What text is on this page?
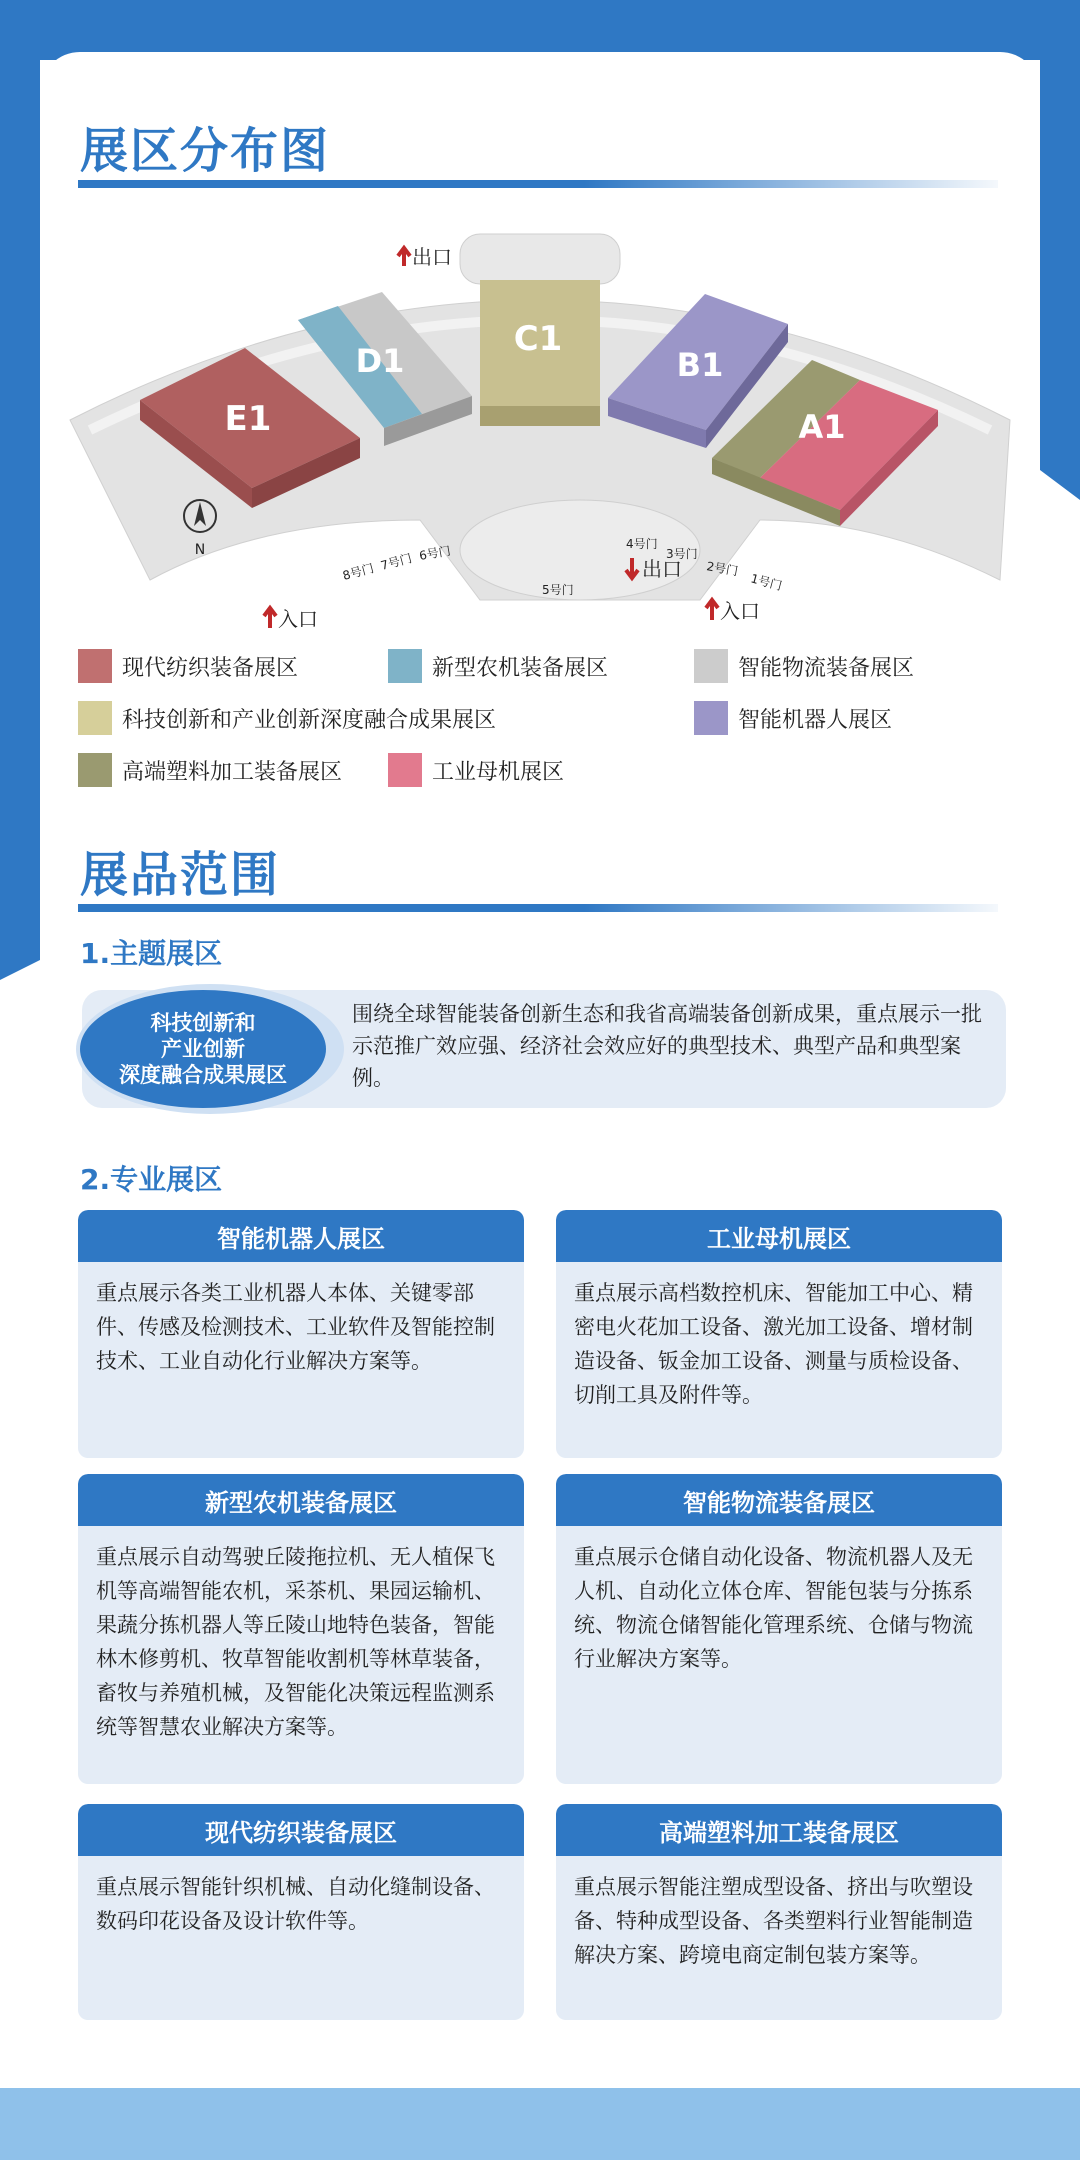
展区分布图
E1
D1
C1
B1
A1
N
出口
8号门 7号门 6号门
5号门
4号门
3号门
2号门
1号门
出口
入口	入口
现代纺织装备展区	新型农机装备展区	智能物流装备展区
科技创新和产业创新深度融合成果展区	智能机器人展区
高端塑料加工装备展区	工业母机展区
展品范围
1.主题展区
科技创新和
产业创新
深度融合成果展区
围绕全球智能装备创新生态和我省高端装备创新成果，重点展示一批示范推广效应强、经济社会效应好的典型技术、典型产品和典型案例。
2.专业展区
智能机器人展区
重点展示各类工业机器人本体、关键零部件、传感及检测技术、工业软件及智能控制技术、工业自动化行业解决方案等。
工业母机展区
重点展示高档数控机床、智能加工中心、精密电火花加工设备、激光加工设备、增材制造设备、钣金加工设备、测量与质检设备、切削工具及附件等。
新型农机装备展区
重点展示自动驾驶丘陵拖拉机、无人植保飞机等高端智能农机，采茶机、果园运输机、果蔬分拣机器人等丘陵山地特色装备，智能林木修剪机、牧草智能收割机等林草装备，畜牧与养殖机械，及智能化决策远程监测系统等智慧农业解决方案等。
智能物流装备展区
重点展示仓储自动化设备、物流机器人及无人机、自动化立体仓库、智能包装与分拣系统、物流仓储智能化管理系统、仓储与物流行业解决方案等。
现代纺织装备展区
重点展示智能针织机械、自动化缝制设备、数码印花设备及设计软件等。
高端塑料加工装备展区
重点展示智能注塑成型设备、挤出与吹塑设备、特种成型设备、各类塑料行业智能制造解决方案、跨境电商定制包装方案等。
